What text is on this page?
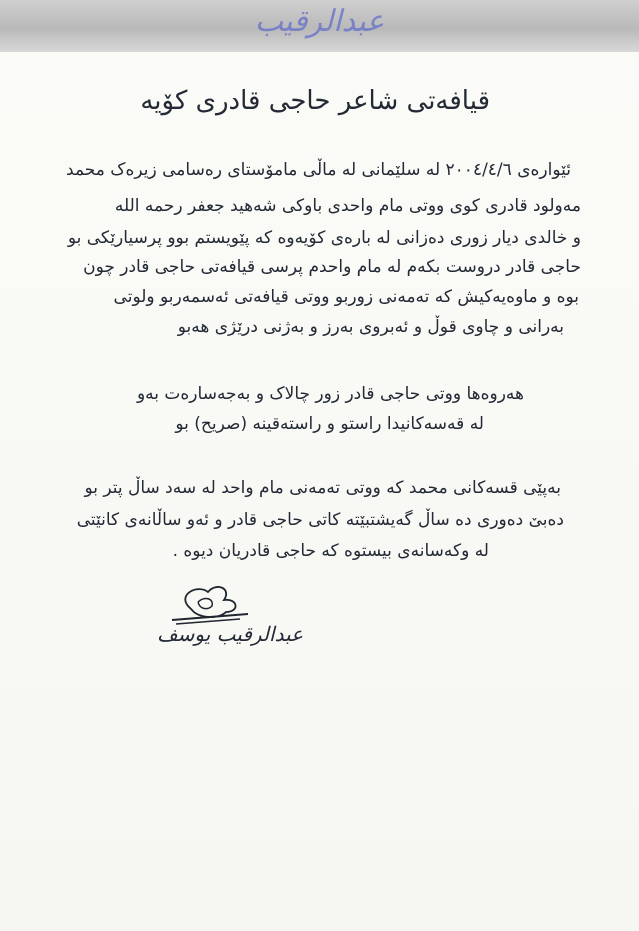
عبدالرقيب
قیافەتی شاعر حاجی قادری کۆیە
ئێوارەی ٢٠٠٤/٤/٦ لە سلێمانی لە ماڵی مامۆستای رەسامی زیرەک محمد
مەولود قادری کوی ووتی مام واحدی باوکی شەهید جعفر رحمه الله
و خالدی دیار زوری دەزانی لە بارەی کۆیەوە کە پێویستم بوو پرسیارێکی بو
حاجی قادر دروست بکەم لە مام واحدم پرسی قیافەتی حاجی قادر چون
بوە و ماوەیەکیش کە تەمەنی زوربو ووتی قیافەتی ئەسمەربو ولوتی
بەرانی و چاوی قوڵ و ئەبروی بەرز و بەژنی درێژی هەبو
هەروەها ووتی حاجی قادر زور چالاک و بەجەسارەت بەو
لە قەسەکانیدا راستو و راستەقینە (صریح) بو
بەپێی قسەکانی محمد کە ووتی تەمەنی مام واحد لە سەد ساڵ پتر بو
دەبێ دەوری دە ساڵ گەیشتبێتە کاتی حاجی قادر و ئەو ساڵانەی کانێتی
لە وکەسانەی بیستوە کە حاجی قادریان دیوە .
عبدالرقيب يوسف
